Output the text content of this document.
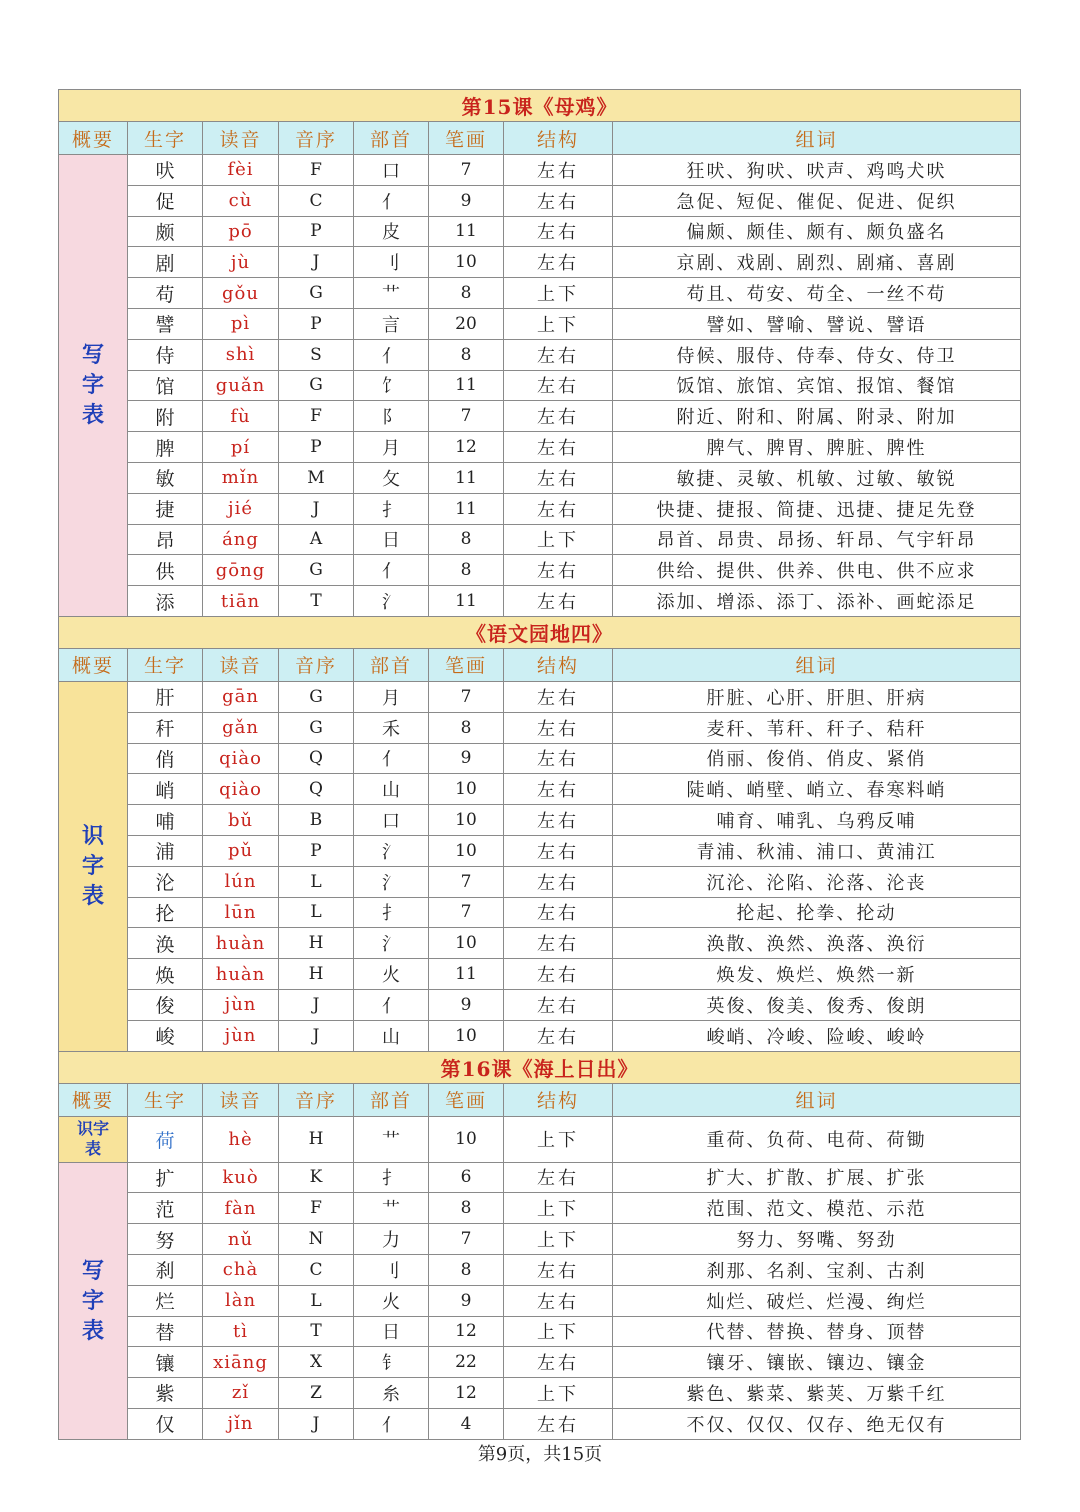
第15课《母鸡》							
概要	生字	读音	音序	部首	笔画	结构	组词
写字表	吠	fèi	F	口	7	左右	狂吠、狗吠、吠声、鸡鸣犬吠
	促	cù	C	亻	9	左右	急促、短促、催促、促进、促织
	颇	pō	P	皮	11	左右	偏颇、颇佳、颇有、颇负盛名
	剧	jù	J	刂	10	左右	京剧、戏剧、剧烈、剧痛、喜剧
	苟	gǒu	G	艹	8	上下	苟且、苟安、苟全、一丝不苟
	譬	pì	P	言	20	上下	譬如、譬喻、譬说、譬语
	侍	shì	S	亻	8	左右	侍候、服侍、侍奉、侍女、侍卫
	馆	guǎn	G	饣	11	左右	饭馆、旅馆、宾馆、报馆、餐馆
	附	fù	F	阝	7	左右	附近、附和、附属、附录、附加
	脾	pí	P	月	12	左右	脾气、脾胃、脾脏、脾性
	敏	mǐn	M	攵	11	左右	敏捷、灵敏、机敏、过敏、敏锐
	捷	jié	J	扌	11	左右	快捷、捷报、简捷、迅捷、捷足先登
	昂	áng	A	日	8	上下	昂首、昂贵、昂扬、轩昂、气宇轩昂
	供	gōng	G	亻	8	左右	供给、提供、供养、供电、供不应求
	添	tiān	T	氵	11	左右	添加、增添、添丁、添补、画蛇添足
《语文园地四》							
概要	生字	读音	音序	部首	笔画	结构	组词
识字表	肝	gān	G	月	7	左右	肝脏、心肝、肝胆、肝病
	秆	gǎn	G	禾	8	左右	麦秆、苇秆、秆子、秸秆
	俏	qiào	Q	亻	9	左右	俏丽、俊俏、俏皮、紧俏
	峭	qiào	Q	山	10	左右	陡峭、峭壁、峭立、春寒料峭
	哺	bǔ	B	口	10	左右	哺育、哺乳、乌鸦反哺
	浦	pǔ	P	氵	10	左右	青浦、秋浦、浦口、黄浦江
	沦	lún	L	氵	7	左右	沉沦、沦陷、沦落、沦丧
	抡	lūn	L	扌	7	左右	抡起、抡拳、抡动
	涣	huàn	H	氵	10	左右	涣散、涣然、涣落、涣衍
	焕	huàn	H	火	11	左右	焕发、焕烂、焕然一新
	俊	jùn	J	亻	9	左右	英俊、俊美、俊秀、俊朗
	峻	jùn	J	山	10	左右	峻峭、冷峻、险峻、峻岭
第16课《海上日出》							
概要	生字	读音	音序	部首	笔画	结构	组词
识字表	荷	hè	H	艹	10	上下	重荷、负荷、电荷、荷锄
写字表	扩	kuò	K	扌	6	左右	扩大、扩散、扩展、扩张
	范	fàn	F	艹	8	上下	范围、范文、模范、示范
	努	nǔ	N	力	7	上下	努力、努嘴、努劲
	刹	chà	C	刂	8	左右	刹那、名刹、宝刹、古刹
	烂	làn	L	火	9	左右	灿烂、破烂、烂漫、绚烂
	替	tì	T	日	12	上下	代替、替换、替身、顶替
	镶	xiāng	X	钅	22	左右	镶牙、镶嵌、镶边、镶金
	紫	zǐ	Z	糸	12	上下	紫色、紫菜、紫荚、万紫千红
	仅	jǐn	J	亻	4	左右	不仅、仅仅、仅存、绝无仅有
第9页，共15页
